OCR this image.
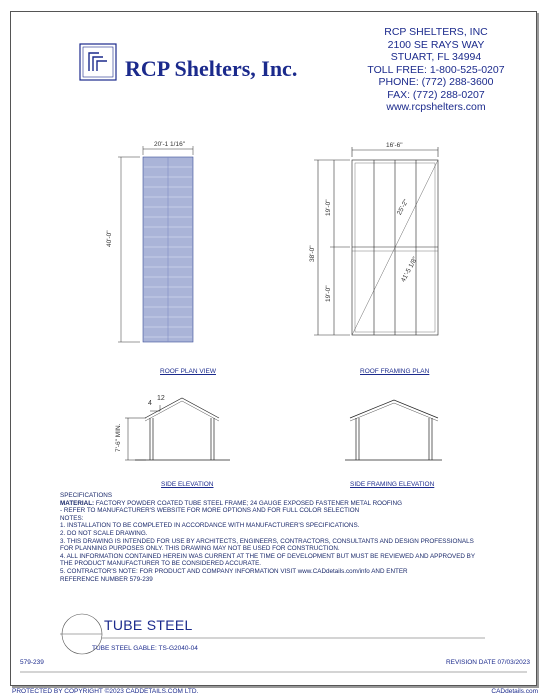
RCP Shelters, Inc.
RCP SHELTERS, INC
2100 SE RAYS WAY
STUART, FL 34994
TOLL FREE: 1-800-525-0207
PHONE: (772) 288-3600
FAX: (772) 288-0207
www.rcpshelters.com
20'-1 1/16"
40'-0"
ROOF PLAN VIEW
16'-6"
38'-0"
19'-0"
19'-0"
25'-2"
41'-5 1/8"
ROOF FRAMING PLAN
4
12
7'-6" MIN.
SIDE ELEVATION	SIDE FRAMING ELEVATION
SPECIFICATIONS
MATERIAL: FACTORY POWDER COATED TUBE STEEL FRAME; 24 GAUGE EXPOSED FASTENER METAL ROOFING
- REFER TO MANUFACTURER'S WEBSITE FOR MORE OPTIONS AND FOR FULL COLOR SELECTION
NOTES:
1. INSTALLATION TO BE COMPLETED IN ACCORDANCE WITH MANUFACTURER'S SPECIFICATIONS.
2. DO NOT SCALE DRAWING.
3. THIS DRAWING IS INTENDED FOR USE BY ARCHITECTS, ENGINEERS, CONTRACTORS, CONSULTANTS AND DESIGN PROFESSIONALS
FOR PLANNING PURPOSES ONLY. THIS DRAWING MAY NOT BE USED FOR CONSTRUCTION.
4. ALL INFORMATION CONTAINED HEREIN WAS CURRENT AT THE TIME OF DEVELOPMENT BUT MUST BE REVIEWED AND APPROVED BY
THE PRODUCT MANUFACTURER TO BE CONSIDERED ACCURATE.
5. CONTRACTOR'S NOTE: FOR PRODUCT AND COMPANY INFORMATION VISIT www.CADdetails.com/info AND ENTER
REFERENCE NUMBER 579-239
TUBE STEEL
TUBE STEEL GABLE: TS-G2040-04
579-239	REVISION DATE 07/03/2023
PROTECTED BY COPYRIGHT ©2023 CADDETAILS.COM LTD.	CADdetails.com
